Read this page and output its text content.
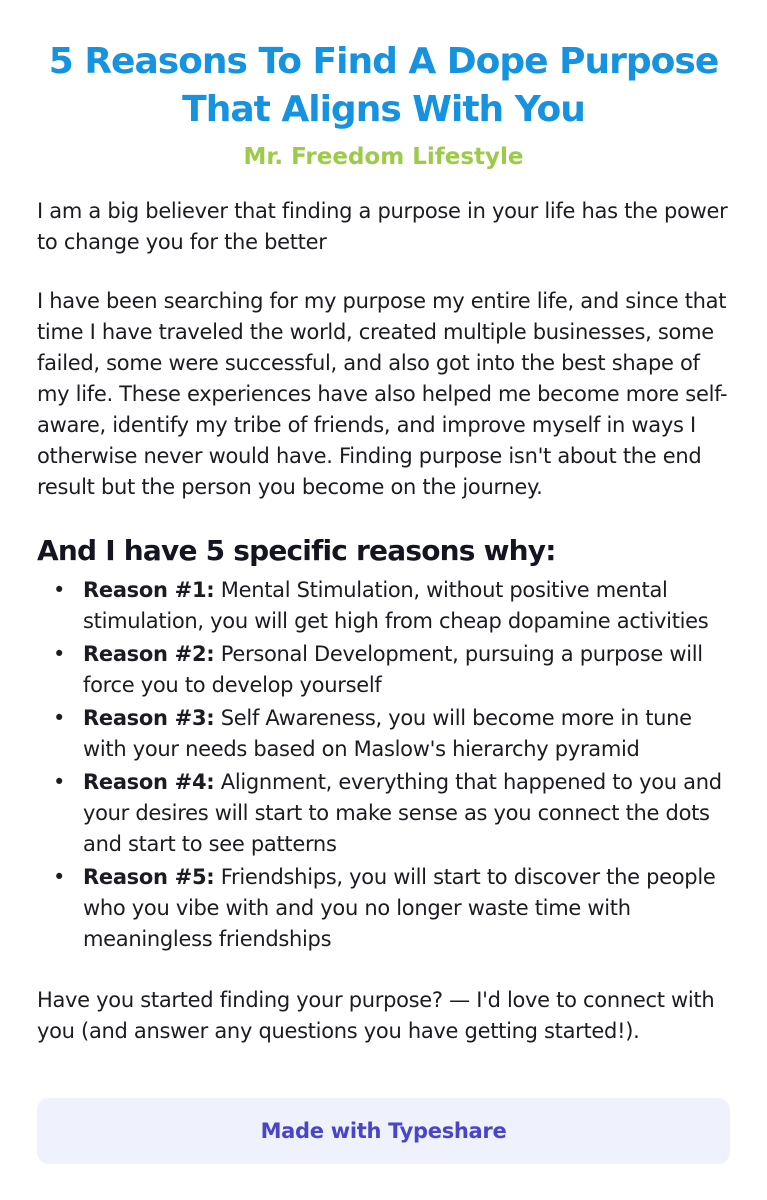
5 Reasons To Find A Dope Purpose That Aligns With You
Mr. Freedom Lifestyle

I am a big believer that finding a purpose in your life has the power to change you for the better

I have been searching for my purpose my entire life, and since that time I have traveled the world, created multiple businesses, some failed, some were successful, and also got into the best shape of my life. These experiences have also helped me become more self-aware, identify my tribe of friends, and improve myself in ways I otherwise never would have. Finding purpose isn't about the end result but the person you become on the journey.

And I have 5 specific reasons why:
• Reason #1: Mental Stimulation, without positive mental stimulation, you will get high from cheap dopamine activities
• Reason #2: Personal Development, pursuing a purpose will force you to develop yourself
• Reason #3: Self Awareness, you will become more in tune with your needs based on Maslow's hierarchy pyramid
• Reason #4: Alignment, everything that happened to you and your desires will start to make sense as you connect the dots and start to see patterns
• Reason #5: Friendships, you will start to discover the people who you vibe with and you no longer waste time with meaningless friendships

Have you started finding your purpose? — I'd love to connect with you (and answer any questions you have getting started!).

Made with Typeshare
